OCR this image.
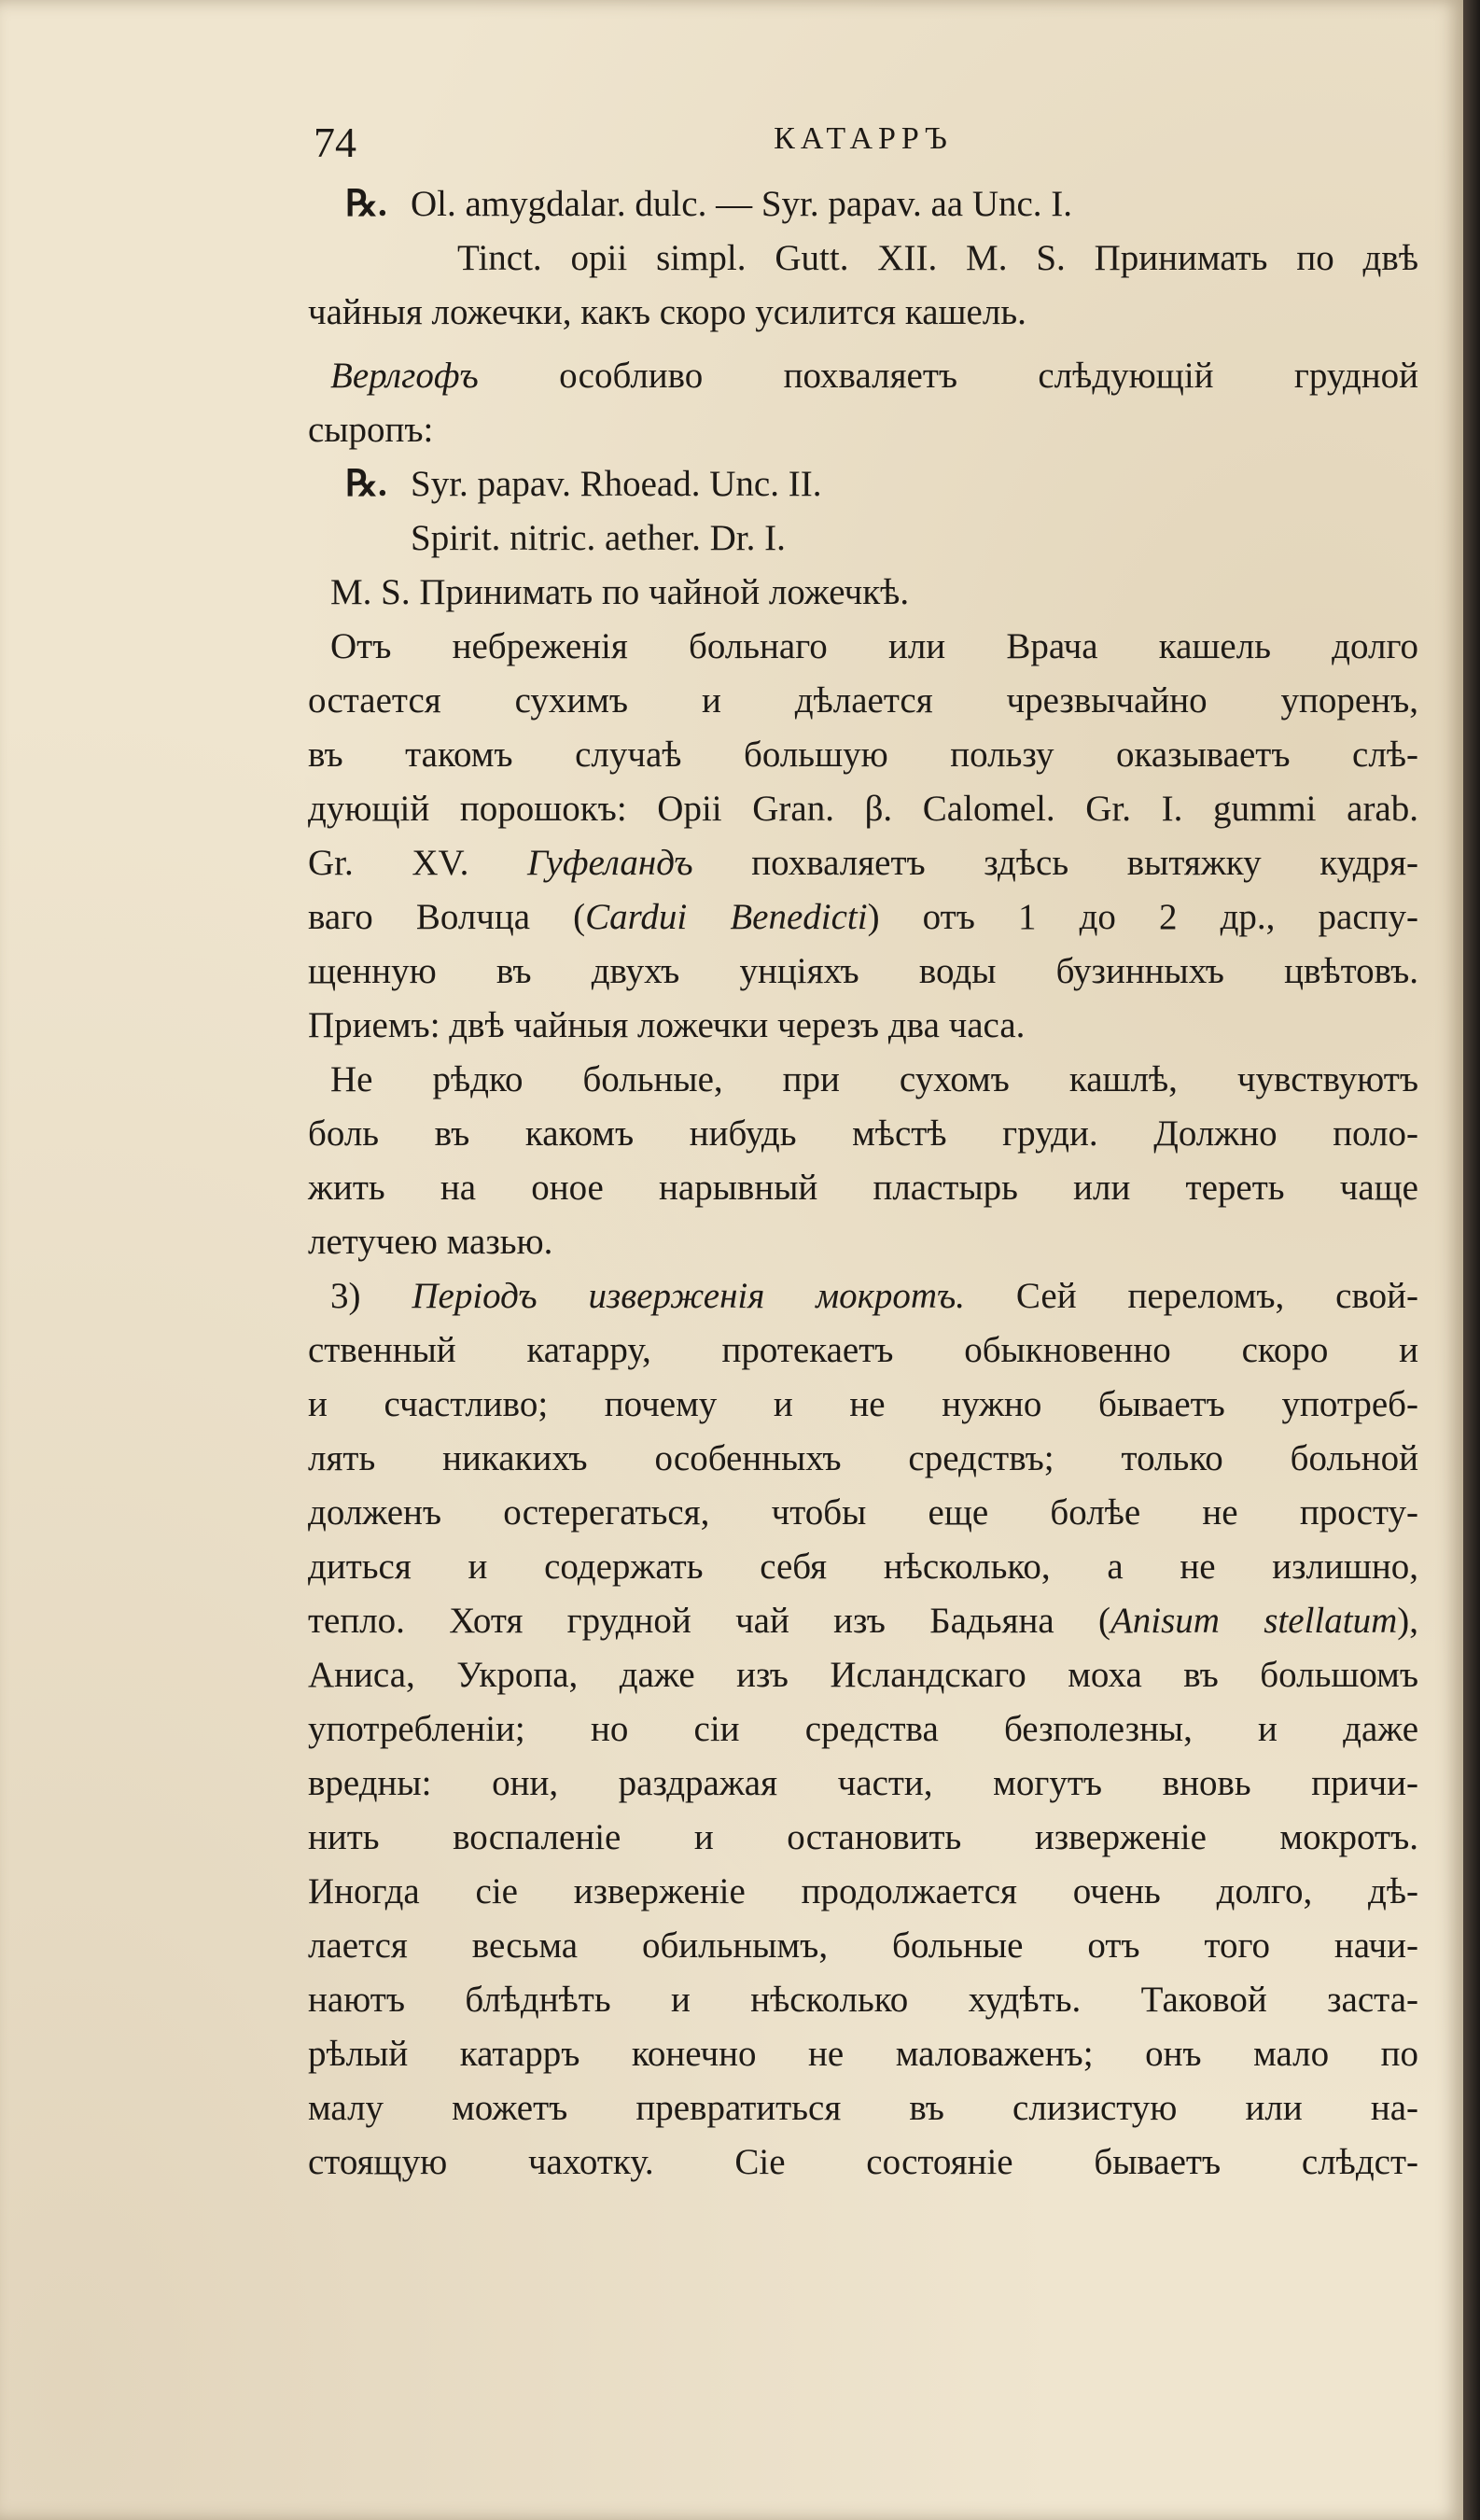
74	КАТАРРЪ
℞. Ol. amygdalar. dulc. — Syr. papav. aa Unc. I.
Tinct. opii simpl. Gutt. XII. M. S. Принимать по двѣ
чайныя ложечки, какъ скоро усилится кашель.
Верлгофъ особливо похваляетъ слѣдующій грудной
сыропъ:
℞. Syr. papav. Rhoead. Unc. II.
Spirit. nitric. aether. Dr. I.
M. S. Принимать по чайной ложечкѣ.
Отъ небреженія больнаго или Врача кашель долго
остается сухимъ и дѣлается чрезвычайно упоренъ,
въ такомъ случаѣ большую пользу оказываетъ слѣ-
дующій порошокъ: Opii Gran. β. Calomel. Gr. I. gummi arab.
Gr. XV. Гуфеландъ похваляетъ здѣсь вытяжку кудря-
ваго Волчца (Cardui Benedicti) отъ 1 до 2 др., распу-
щенную въ двухъ унціяхъ воды бузинныхъ цвѣтовъ.
Приемъ: двѣ чайныя ложечки черезъ два часа.
Не рѣдко больные, при сухомъ кашлѣ, чувствуютъ
боль въ какомъ нибудь мѣстѣ груди. Должно поло-
жить на оное нарывный пластырь или тереть чаще
летучею мазью.
3) Періодъ изверженія мокротъ. Сей переломъ, свой-
ственный катарру, протекаетъ обыкновенно скоро и
и счастливо; почему и не нужно бываетъ употреб-
лять никакихъ особенныхъ средствъ; только больной
долженъ остерегаться, чтобы еще болѣе не просту-
диться и содержать себя нѣсколько, а не излишно,
тепло. Хотя грудной чай изъ Бадьяна (Anisum stellatum),
Аниса, Укропа, даже изъ Исландскаго моха въ большомъ
употребленіи; но сіи средства безполезны, и даже
вредны: они, раздражая части, могутъ вновь причи-
нить воспаленіе и остановить изверженіе мокротъ.
Иногда сіе изверженіе продолжается очень долго, дѣ-
лается весьма обильнымъ, больные отъ того начи-
наютъ блѣднѣть и нѣсколько худѣть. Таковой заста-
рѣлый катарръ конечно не маловаженъ; онъ мало по
малу можетъ превратиться въ слизистую или на-
стоящую чахотку. Сіе состояніе бываетъ слѣдст-
